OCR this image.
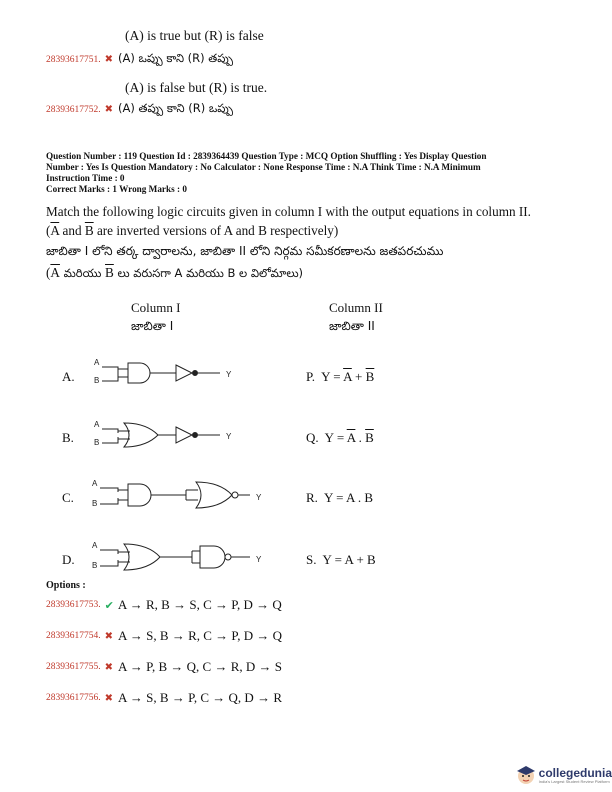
(A) is true but (R) is false
28393617751. ✖ (A) ఒప్పు కాని (R) తప్పు
(A) is false but (R) is true.
28393617752. ✖ (A) తప్పు కాని (R) ఒప్పు
Question Number : 119 Question Id : 2839364439 Question Type : MCQ Option Shuffling : Yes Display Question
Number : Yes Is Question Mandatory : No Calculator : None Response Time : N.A Think Time : N.A Minimum
Instruction Time : 0
Correct Marks : 1 Wrong Marks : 0
Match the following logic circuits given in column I with the output equations in column II.
($\overline{A}$ and $\overline{B}$ are inverted versions of A and B respectively)
జాబితా I లోని తర్క ద్వారాలను, జాబితా II లోని నిర్గమ సమీకరణాలను జతపరచుము
($\overline{A}$ మరియు $\overline{B}$ లు వరుసగా A మరియు B ల విలోమాలు)
Column I
జాబితా I
Column II
జాబితా II
A.
A
B
Y	P. $Y = \overline{A} + \overline{B}$
B.
A
B
Y	Q. $Y = \overline{A}$ . $\overline{B}$
C.
A
B
Y	R. Y = A . B
D.
A
B
Y	S. Y = A + B
Options :
28393617753. ✔ A → R, B → S, C → P, D → Q
28393617754. ✖ A → S, B → R, C → P, D → Q
28393617755. ✖ A → P, B → Q, C → R, D → S
28393617756. ✖ A → S, B → P, C → Q, D → R
collegedunia
India's Largest Student Review Platform
